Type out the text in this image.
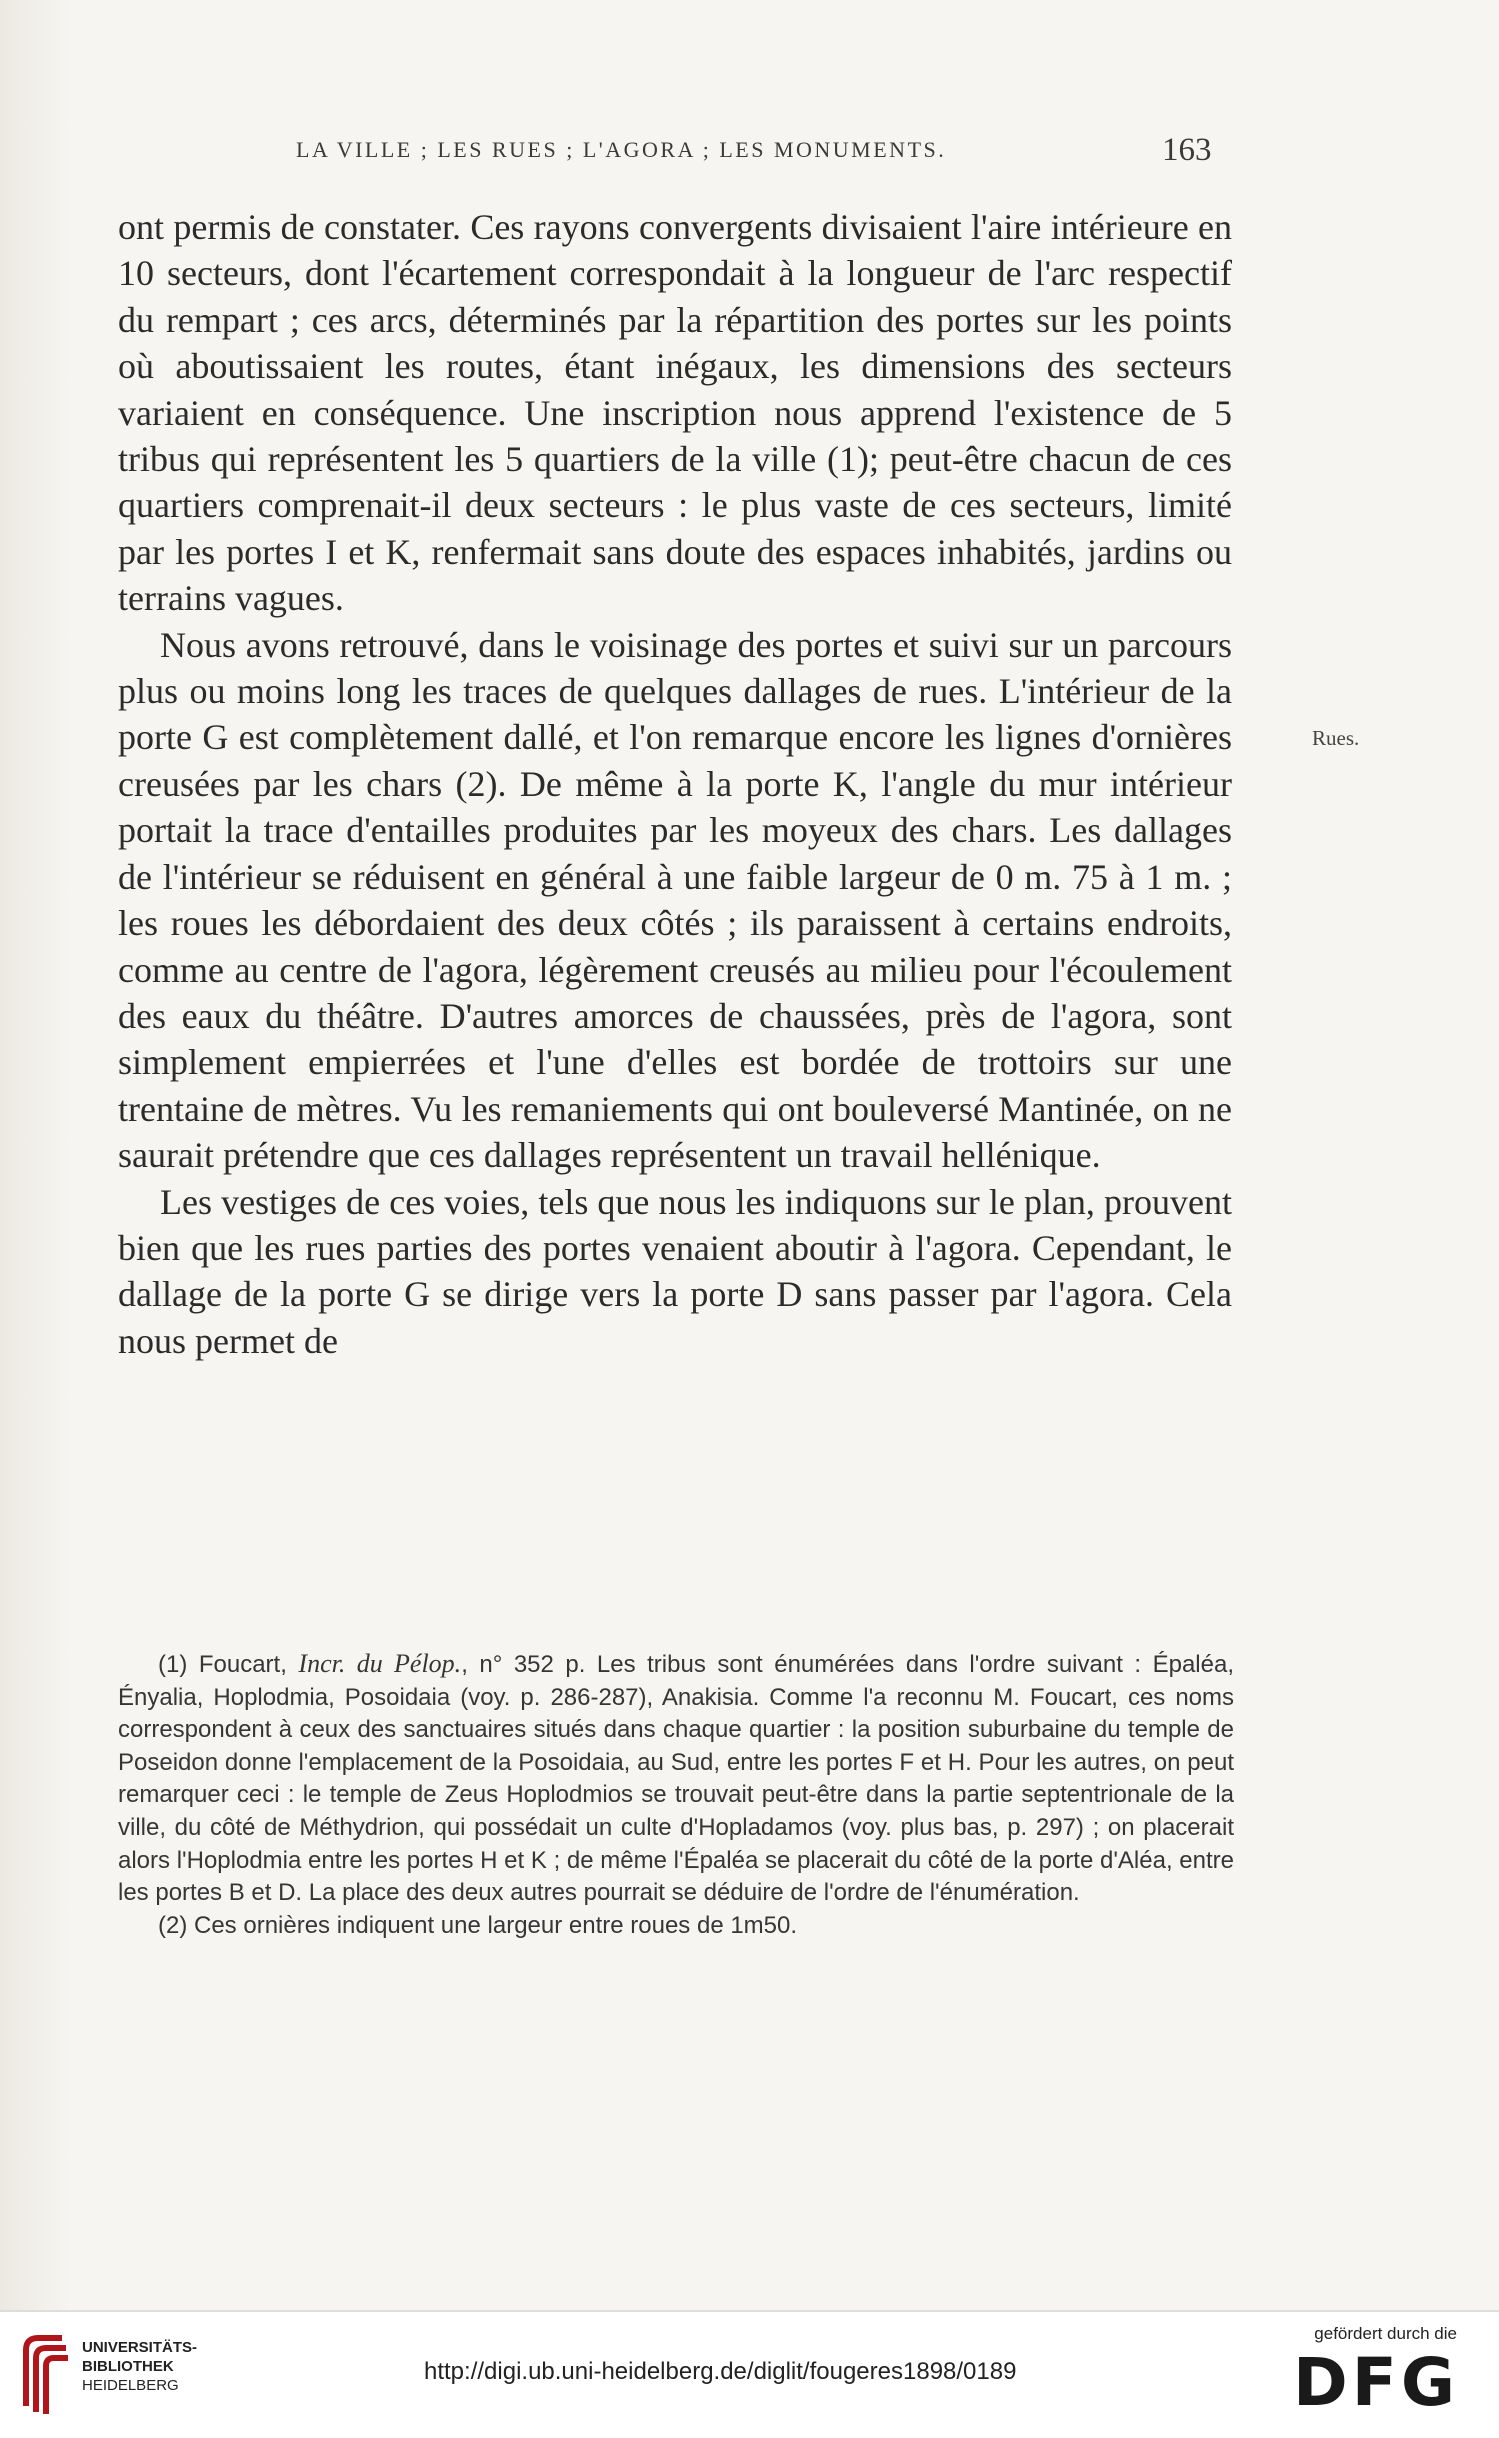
LA VILLE ; LES RUES ; L'AGORA ; LES MONUMENTS.	163
Rues.

ont permis de constater. Ces rayons convergents divisaient l'aire intérieure en 10 secteurs, dont l'écartement correspondait à la longueur de l'arc respectif du rempart ; ces arcs, déterminés par la répartition des portes sur les points où aboutissaient les routes, étant inégaux, les dimensions des secteurs variaient en conséquence. Une inscription nous apprend l'existence de 5 tribus qui représentent les 5 quartiers de la ville (1); peut-être chacun de ces quartiers comprenait-il deux secteurs : le plus vaste de ces secteurs, limité par les portes I et K, renfermait sans doute des espaces inhabités, jardins ou terrains vagues.

Nous avons retrouvé, dans le voisinage des portes et suivi sur un parcours plus ou moins long les traces de quelques dallages de rues. L'intérieur de la porte G est complètement dallé, et l'on remarque encore les lignes d'ornières creusées par les chars (2). De même à la porte K, l'angle du mur intérieur portait la trace d'entailles produites par les moyeux des chars. Les dallages de l'intérieur se réduisent en général à une faible largeur de 0 m. 75 à 1 m. ; les roues les débordaient des deux côtés ; ils paraissent à certains endroits, comme au centre de l'agora, légèrement creusés au milieu pour l'écoulement des eaux du théâtre. D'autres amorces de chaussées, près de l'agora, sont simplement empierrées et l'une d'elles est bordée de trottoirs sur une trentaine de mètres. Vu les remaniements qui ont bouleversé Mantinée, on ne saurait prétendre que ces dallages représentent un travail hellénique.

Les vestiges de ces voies, tels que nous les indiquons sur le plan, prouvent bien que les rues parties des portes venaient aboutir à l'agora. Cependant, le dallage de la porte G se dirige vers la porte D sans passer par l'agora. Cela nous permet de

(1) Foucart, Incr. du Pélop., n° 352 p. Les tribus sont énumérées dans l'ordre suivant : Épaléa, Ényalia, Hoplodmia, Posoidaia (voy. p. 286-287), Anakisia. Comme l'a reconnu M. Foucart, ces noms correspondent à ceux des sanctuaires situés dans chaque quartier : la position suburbaine du temple de Poseidon donne l'emplacement de la Posoidaia, au Sud, entre les portes F et H. Pour les autres, on peut remarquer ceci : le temple de Zeus Hoplodmios se trouvait peut-être dans la partie septentrionale de la ville, du côté de Méthydrion, qui possédait un culte d'Hopladamos (voy. plus bas, p. 297) ; on placerait alors l'Hoplodmia entre les portes H et K ; de même l'Épaléa se placerait du côté de la porte d'Aléa, entre les portes B et D. La place des deux autres pourrait se déduire de l'ordre de l'énumération.

(2) Ces ornières indiquent une largeur entre roues de 1m50.

UNIVERSITÄTS-
BIBLIOTHEK
HEIDELBERG
http://digi.ub.uni-heidelberg.de/diglit/fougeres1898/0189
gefördert durch die
DFG
